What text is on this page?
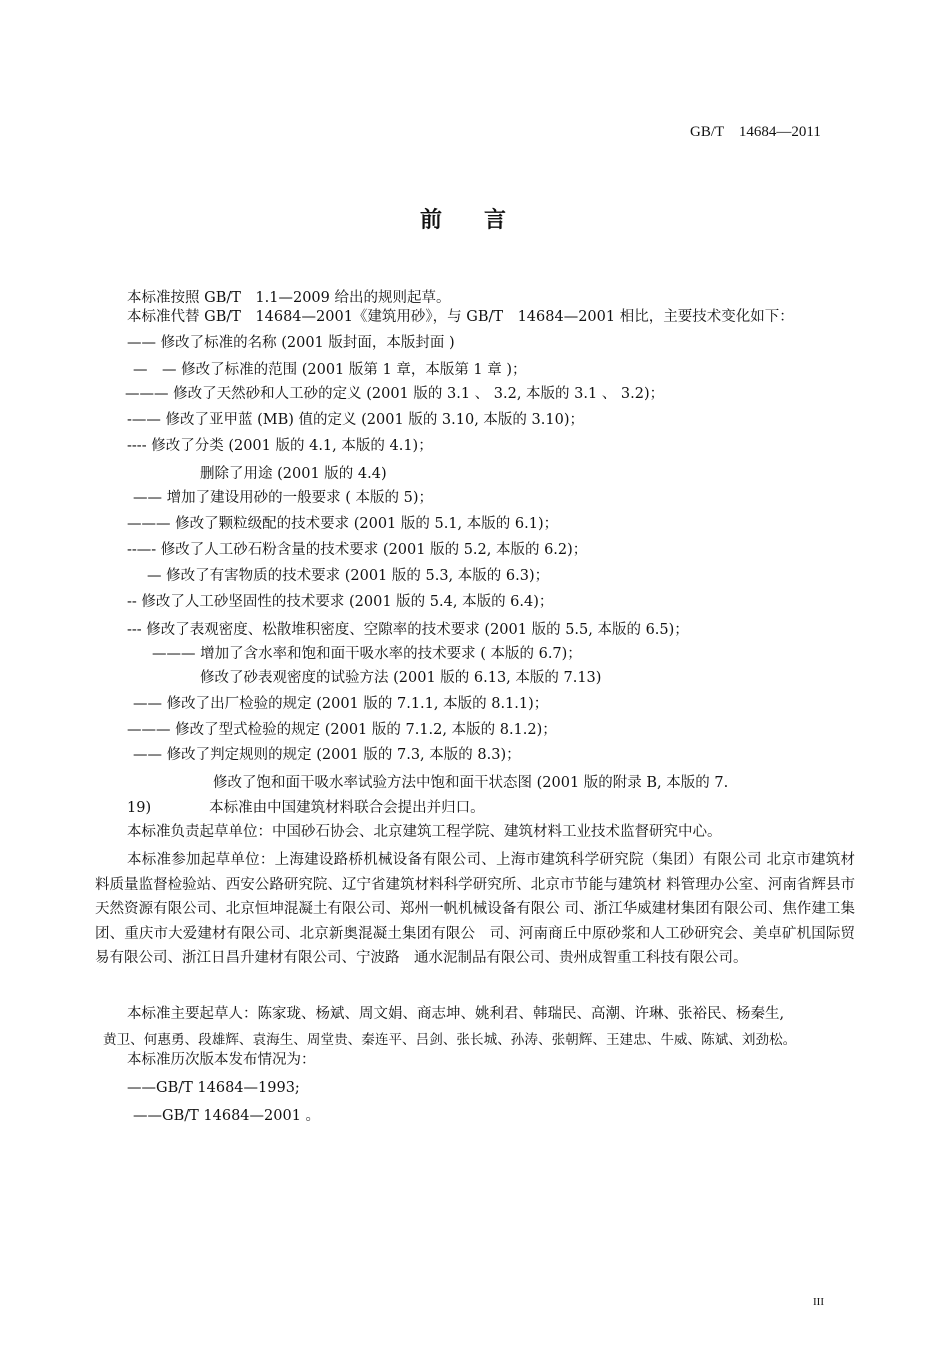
GB/T　14684—2011
前言
本标准按照 GB/T　1.1—2009 给出的规则起草。
本标准代替 GB/T　14684—2001《建筑用砂》，与 GB/T　14684—2001 相比，主要技术变化如下：
—— 修改了标准的名称 (2001 版封面，本版封面 )
—　— 修改了标准的范围 (2001 版第 1 章，本版第 1 章 )；
——— 修改了天然砂和人工砂的定义 (2001 版的 3.1 、 3.2, 本版的 3.1 、 3.2)；
-—— 修改了亚甲蓝 (MB) 值的定义 (2001 版的 3.10, 本版的 3.10)；
---- 修改了分类 (2001 版的 4.1, 本版的 4.1)；
删除了用途 (2001 版的 4.4)
—— 增加了建设用砂的一般要求 ( 本版的 5)；
——— 修改了颗粒级配的技术要求 (2001 版的 5.1, 本版的 6.1)；
--—- 修改了人工砂石粉含量的技术要求 (2001 版的 5.2, 本版的 6.2)；
— 修改了有害物质的技术要求 (2001 版的 5.3, 本版的 6.3)；
-- 修改了人工砂坚固性的技术要求 (2001 版的 5.4, 本版的 6.4)；
--- 修改了表观密度、松散堆积密度、空隙率的技术要求 (2001 版的 5.5, 本版的 6.5)；
——— 增加了含水率和饱和面干吸水率的技术要求 ( 本版的 6.7)；
修改了砂表观密度的试验方法 (2001 版的 6.13, 本版的 7.13)
—— 修改了出厂检验的规定 (2001 版的 7.1.1, 本版的 8.1.1)；
——— 修改了型式检验的规定 (2001 版的 7.1.2, 本版的 8.1.2)；
—— 修改了判定规则的规定 (2001 版的 7.3, 本版的 8.3)；
修改了饱和面干吸水率试验方法中饱和面干状态图 (2001 版的附录 B, 本版的 7.
19)　　　　本标准由中国建筑材料联合会提出并归口。
本标准负责起草单位：中国砂石协会、北京建筑工程学院、建筑材料工业技术监督研究中心。
本标准参加起草单位：上海建设路桥机械设备有限公司、上海市建筑科学研究院（集团）有限公司 北京市建筑材料质量监督检验站、西安公路研究院、辽宁省建筑材料科学研究所、北京市节能与建筑材 料管理办公室、河南省辉县市天然资源有限公司、北京恒坤混凝土有限公司、郑州一帆机械设备有限公 司、浙江华威建材集团有限公司、焦作建工集团、重庆市大爱建材有限公司、北京新奥混凝土集团有限公　司、河南商丘中原砂浆和人工砂研究会、美卓矿机国际贸易有限公司、浙江日昌升建材有限公司、宁波路　通水泥制品有限公司、贵州成智重工科技有限公司。
本标准主要起草人：陈家珑、杨斌、周文娟、商志坤、姚利君、韩瑞民、高潮、许琳、张裕民、杨秦生,
黄卫、何惠勇、段雄辉、袁海生、周堂贵、秦连平、吕剑、张长城、孙涛、张朝辉、王建忠、牛威、陈斌、刘劲松。
本标准历次版本发布情况为：
——GB/T 14684—1993;
——GB/T 14684—2001 。
III
